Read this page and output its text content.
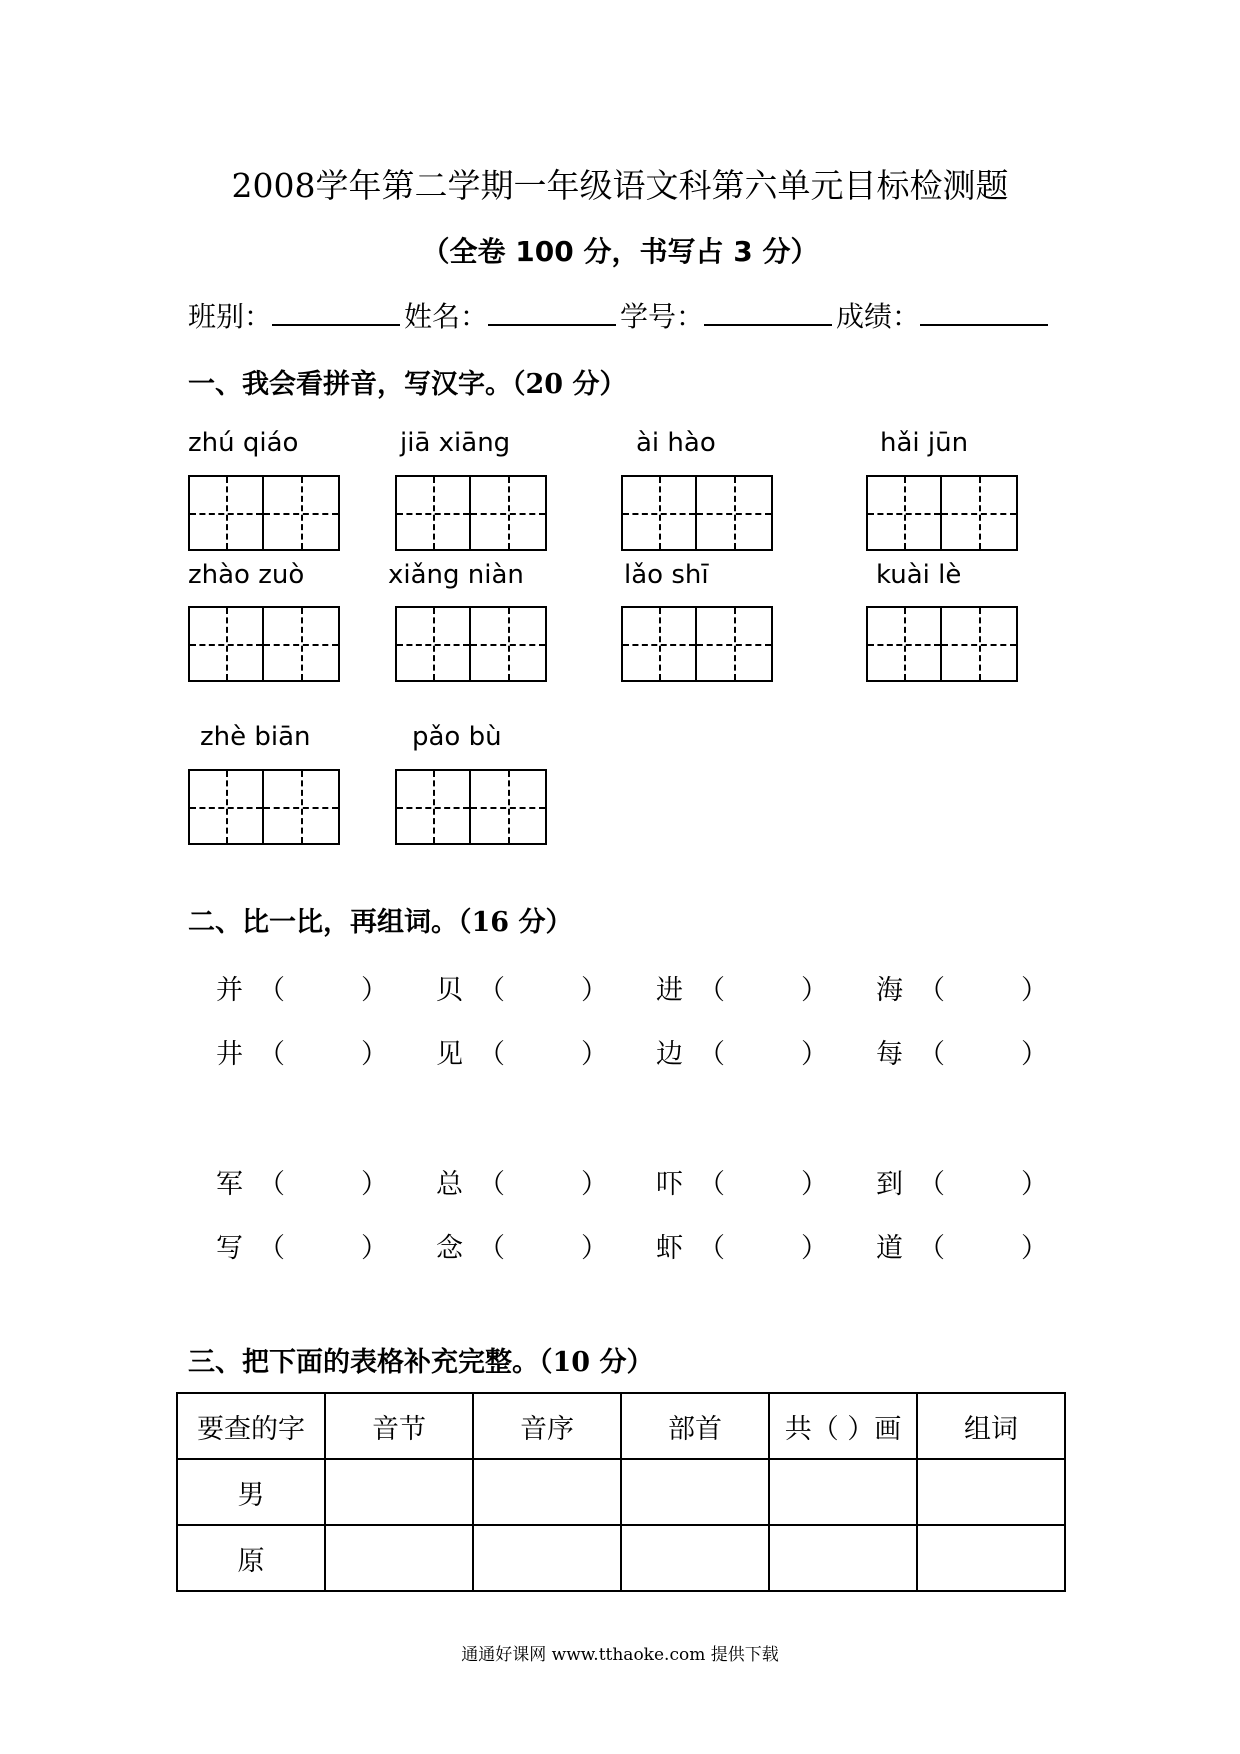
2008学年第二学期一年级语文科第六单元目标检测题
（全卷 100 分，书写占 3 分）
班别：	姓名：	学号：	成绩：
一、我会看拼音，写汉字。（20 分）
zhú qiáo	jiā xiāng	ài hào	hǎi jūn
zhào zuò	xiǎng niàn	lǎo shī	kuài lè
zhè biān	pǎo bù
二、比一比，再组词。（16 分）
并 （	） 贝 （	） 进 （	） 海 （	）
井 （	） 见 （	） 边 （	） 每 （	）
军 （	） 总 （	） 吓 （	） 到 （	）
写 （	） 念 （	） 虾 （	） 道 （	）
三、把下面的表格补充完整。（10 分）
要查的字	音节	音序	部首	共（ ）画	组词
男					
原					
通通好课网 www.tthaoke.com 提供下载
